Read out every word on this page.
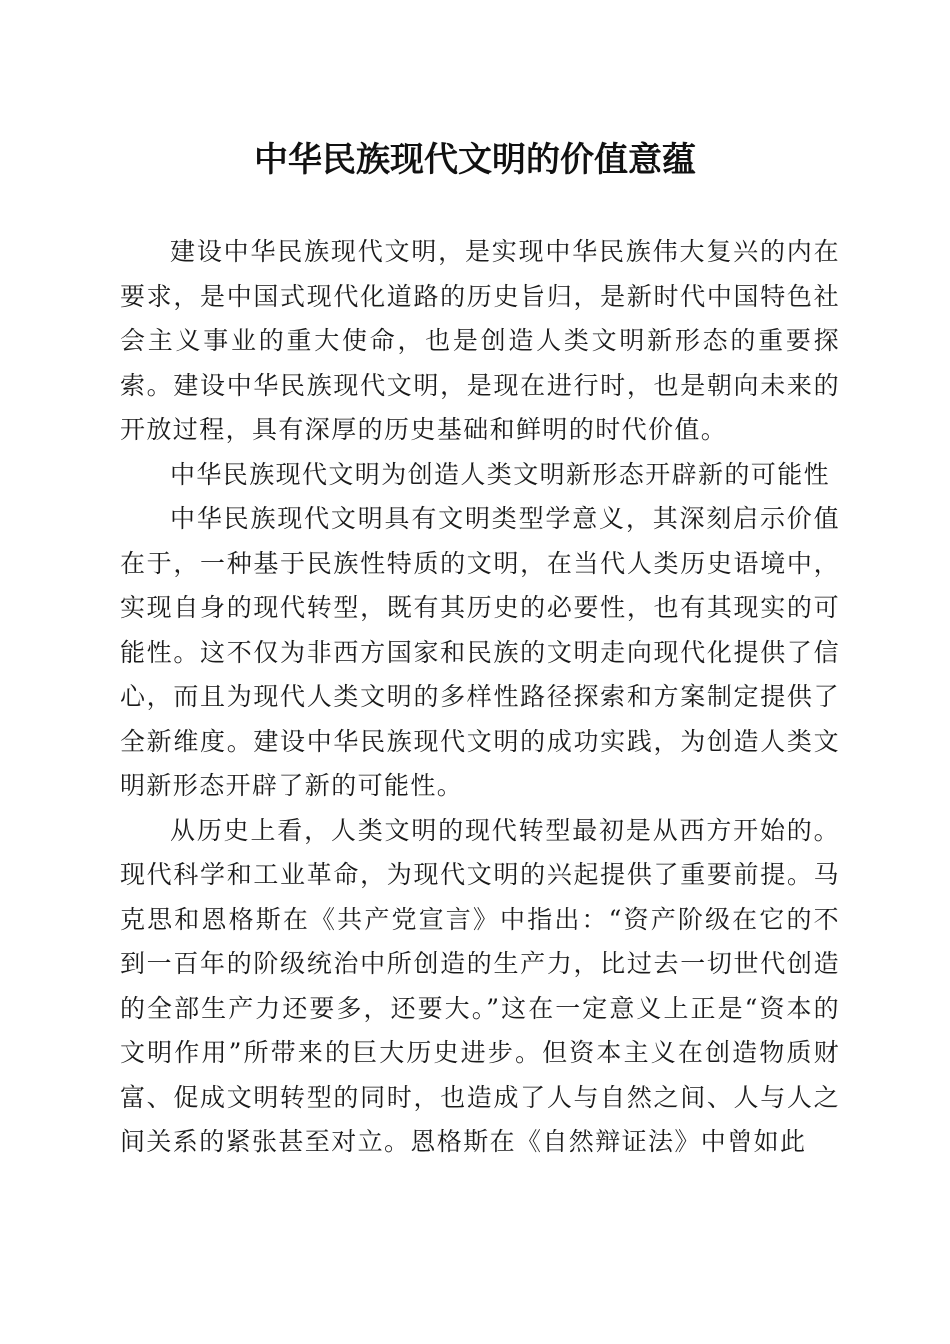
中华民族现代文明的价值意蕴

建设中华民族现代文明，是实现中华民族伟大复兴的内在要求，是中国式现代化道路的历史旨归，是新时代中国特色社会主义事业的重大使命，也是创造人类文明新形态的重要探索。建设中华民族现代文明，是现在进行时，也是朝向未来的开放过程，具有深厚的历史基础和鲜明的时代价值。

中华民族现代文明为创造人类文明新形态开辟新的可能性

中华民族现代文明具有文明类型学意义，其深刻启示价值在于，一种基于民族性特质的文明，在当代人类历史语境中，实现自身的现代转型，既有其历史的必要性，也有其现实的可能性。这不仅为非西方国家和民族的文明走向现代化提供了信心，而且为现代人类文明的多样性路径探索和方案制定提供了全新维度。建设中华民族现代文明的成功实践，为创造人类文明新形态开辟了新的可能性。

从历史上看，人类文明的现代转型最初是从西方开始的。现代科学和工业革命，为现代文明的兴起提供了重要前提。马克思和恩格斯在《共产党宣言》中指出：“资产阶级在它的不到一百年的阶级统治中所创造的生产力，比过去一切世代创造的全部生产力还要多，还要大。”这在一定意义上正是“资本的文明作用”所带来的巨大历史进步。但资本主义在创造物质财富、促成文明转型的同时，也造成了人与自然之间、人与人之间关系的紧张甚至对立。恩格斯在《自然辩证法》中曾如此
